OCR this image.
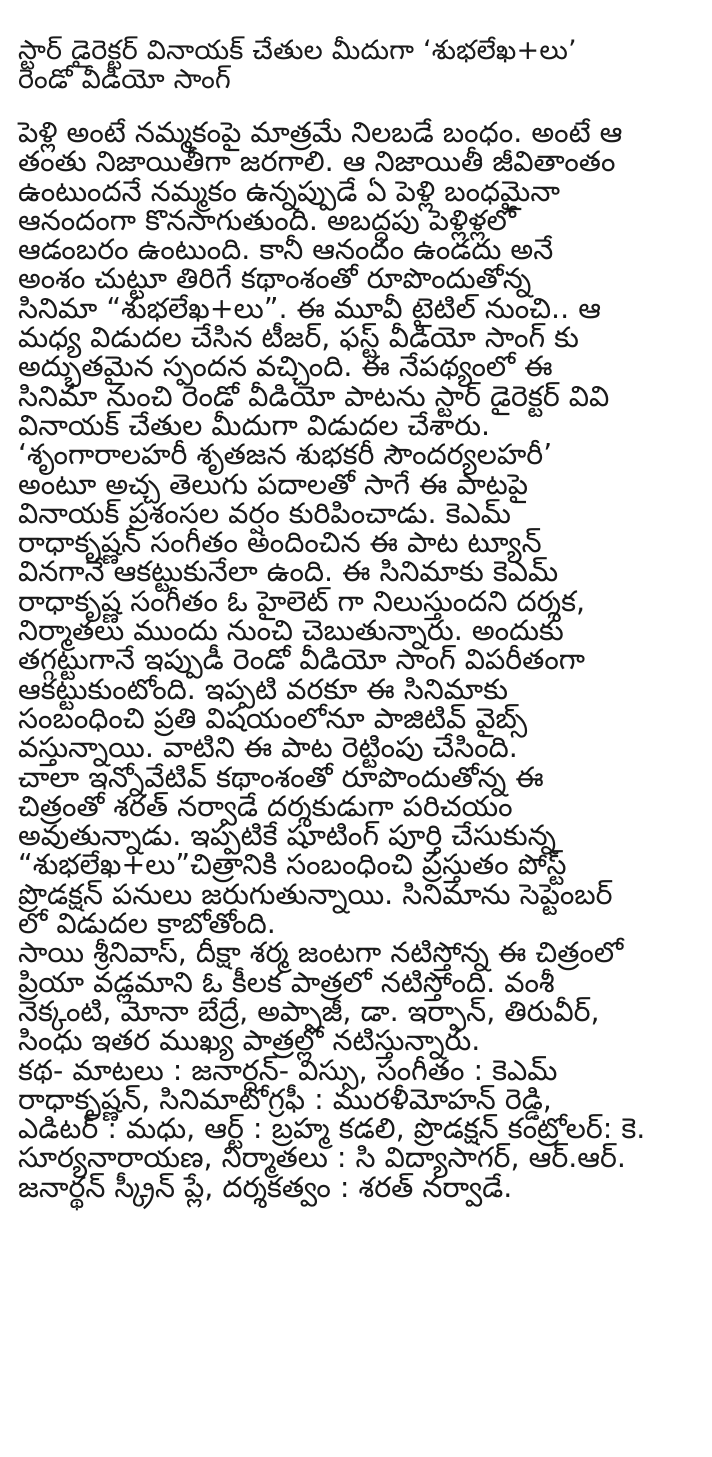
స్టార్ డైరెక్టర్ వినాయక్ చేతుల మీదుగా ‘శుభలేఖ+లు’
రెండో వీడియో సాంగ్
పెళ్లి అంటే నమ్మకంపై మాత్రమే నిలబడే బంధం. అంటే ఆ
తంతు నిజాయితీగా జరగాలి. ఆ నిజాయితీ జీవితాంతం
ఉంటుందనే నమ్మకం ఉన్నప్పుడే ఏ పెళ్లి బంధమైనా
ఆనందంగా కొనసాగుతుంది. అబద్ధపు పెళ్లిళ్లలో
ఆడంబరం ఉంటుంది. కానీ ఆనందం ఉండదు అనే
అంశం చుట్టూ తిరిగే కథాంశంతో రూపొందుతోన్న
సినిమా “శుభలేఖ+లు”. ఈ మూవీ టైటిల్ నుంచి.. ఆ
మధ్య విడుదల చేసిన టీజర్, ఫస్ట్ వీడియో సాంగ్ కు
అద్భుతమైన స్పందన వచ్చింది. ఈ నేపథ్యంలో ఈ
సినిమా నుంచి రెండో వీడియో పాటను స్టార్ డైరెక్టర్ వివి
వినాయక్ చేతుల మీదుగా విడుదల చేశారు.
‘శృంగారాలహరీ శృతజన శుభకరీ సౌందర్యలహరీ’
అంటూ అచ్చ తెలుగు పదాలతో సాగే ఈ పాటపై
వినాయక్ ప్రశంసల వర్షం కురిపించాడు. కెఎమ్
రాధాకృష్ణన్ సంగీతం అందించిన ఈ పాట ట్యూన్
వినగానే ఆకట్టుకునేలా ఉంది. ఈ సినిమాకు కెఎమ్
రాధాకృష్ణ సంగీతం ఓ హైలెట్ గా నిలుస్తుందని దర్శక,
నిర్మాతలు ముందు నుంచి చెబుతున్నారు. అందుకు
తగ్గట్టుగానే ఇప్పుడీ రెండో వీడియో సాంగ్ విపరీతంగా
ఆకట్టుకుంటోంది. ఇప్పటి వరకూ ఈ సినిమాకు
సంబంధించి ప్రతి విషయంలోనూ పాజిటివ్ వైబ్స్
వస్తున్నాయి. వాటిని ఈ పాట రెట్టింపు చేసింది.
చాలా ఇన్నోవేటివ్ కథాంశంతో రూపొందుతోన్న ఈ
చిత్రంతో శరత్ నర్వాడే దర్శకుడుగా పరిచయం
అవుతున్నాడు. ఇప్పటికే షూటింగ్ పూర్తి చేసుకున్న
“శుభలేఖ+లు”చిత్రానికి సంబంధించి ప్రస్తుతం పోస్ట్
ప్రొడక్షన్ పనులు జరుగుతున్నాయి. సినిమాను సెప్టెంబర్
లో విడుదల కాబోతోంది.
సాయి శ్రీనివాస్, దీక్షా శర్మ జంటగా నటిస్తోన్న ఈ చిత్రంలో
ప్రియా వడ్లమాని ఓ కీలక పాత్రలో నటిస్తోంది. వంశీ
నెక్కంటి, మోనా బేద్రే, అప్పాజీ, డా. ఇర్ఫాన్, తిరువీర్,
సింధు ఇతర ముఖ్య పాత్రల్లో నటిస్తున్నారు.
కథ- మాటలు : జనార్ధన్- విస్సు, సంగీతం : కెఎమ్
రాధాకృష్ణన్, సినిమాటోగ్రఫీ : మురళీమోహన్ రెడ్డి,
ఎడిటర్ : మధు, ఆర్ట్ : బ్రహ్మ కడలి, ప్రొడక్షన్ కంట్రోలర్: కె.
సూర్యనారాయణ, నిర్మాతలు : సి విద్యాసాగర్, ఆర్.ఆర్.
జనార్థన్ స్క్రీన్ ప్లే, దర్శకత్వం : శరత్ నర్వాడే.
